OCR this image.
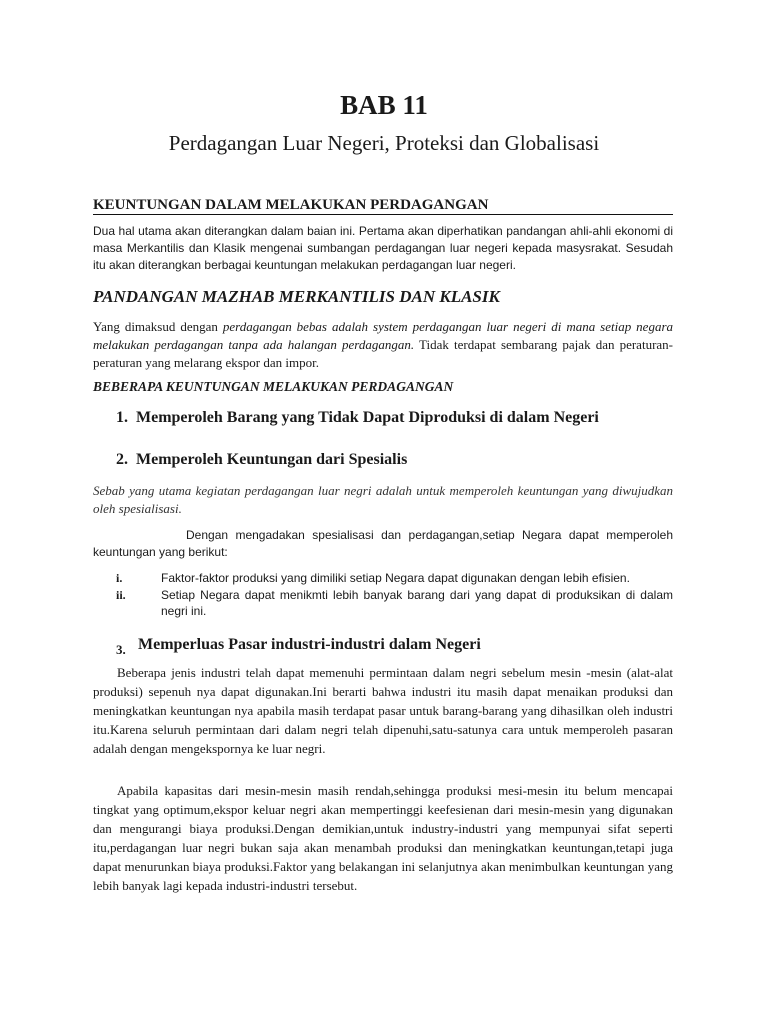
BAB 11
Perdagangan Luar Negeri, Proteksi dan Globalisasi
KEUNTUNGAN DALAM MELAKUKAN PERDAGANGAN
Dua hal utama akan diterangkan dalam baian ini. Pertama akan diperhatikan pandangan ahli-ahli ekonomi di masa Merkantilis dan Klasik mengenai sumbangan perdagangan luar negeri kepada masysrakat. Sesudah itu akan diterangkan berbagai keuntungan melakukan perdagangan luar negeri.
PANDANGAN MAZHAB MERKANTILIS DAN KLASIK
Yang dimaksud dengan perdagangan bebas adalah system perdagangan luar negeri di mana setiap negara melakukan perdagangan tanpa ada halangan perdagangan. Tidak terdapat sembarang pajak dan peraturan-peraturan yang melarang ekspor dan impor.
BEBERAPA KEUNTUNGAN MELAKUKAN PERDAGANGAN
1.  Memperoleh Barang yang Tidak Dapat Diproduksi di dalam Negeri
2.  Memperoleh Keuntungan dari Spesialis
Sebab yang utama kegiatan perdagangan luar negri adalah untuk memperoleh keuntungan yang diwujudkan oleh spesialisasi.
Dengan mengadakan spesialisasi dan perdagangan,setiap Negara dapat memperoleh keuntungan yang berikut:
i.	Faktor-faktor produksi yang dimiliki setiap Negara dapat digunakan dengan lebih efisien.
ii.	Setiap Negara dapat menikmti lebih banyak barang dari yang dapat di produksikan di dalam negri ini.
3. Memperluas Pasar industri-industri dalam Negeri
Beberapa jenis industri telah dapat memenuhi permintaan dalam negri sebelum mesin -mesin (alat-alat produksi) sepenuh nya dapat digunakan.Ini berarti bahwa industri itu masih dapat menaikan produksi dan meningkatkan keuntungan nya apabila masih terdapat pasar untuk barang-barang yang dihasilkan oleh industri itu.Karena seluruh permintaan dari dalam negri telah dipenuhi,satu-satunya cara untuk memperoleh pasaran adalah dengan mengekspornya ke luar negri.
Apabila kapasitas dari mesin-mesin masih rendah,sehingga produksi mesi-mesin itu belum mencapai tingkat yang optimum,ekspor keluar negri akan mempertinggi keefesienan dari mesin-mesin yang digunakan dan mengurangi biaya produksi.Dengan demikian,untuk industry-industri yang mempunyai sifat seperti itu,perdagangan luar negri bukan saja akan menambah produksi dan meningkatkan keuntungan,tetapi juga dapat menurunkan biaya produksi.Faktor yang belakangan ini selanjutnya akan menimbulkan keuntungan yang lebih banyak lagi kepada industri-industri tersebut.
